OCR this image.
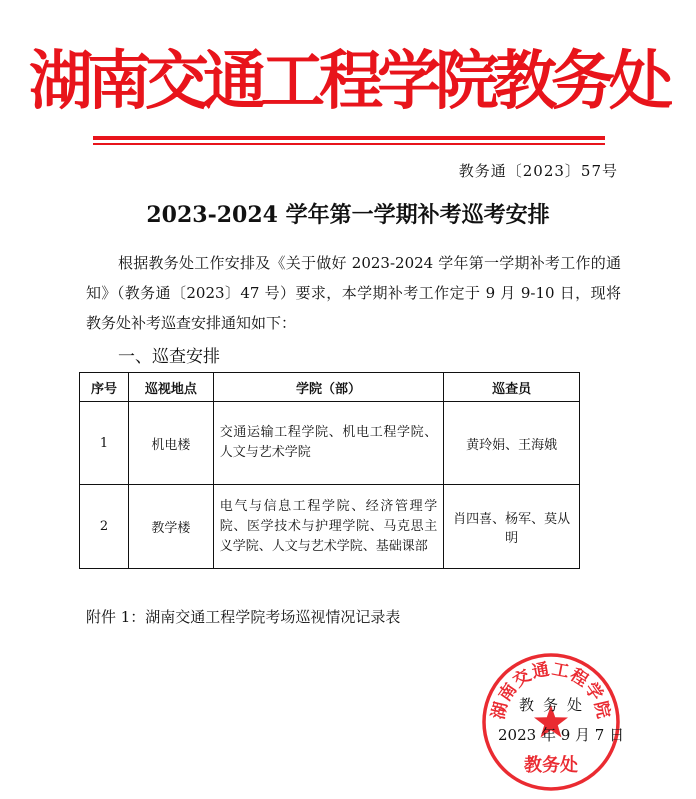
湖南交通工程学院教务处
教务通〔2023〕57号
2023-2024 学年第一学期补考巡考安排
根据教务处工作安排及《关于做好 2023-2024 学年第一学期补考工作的通知》（教务通〔2023〕47 号）要求，本学期补考工作定于 9 月 9-10 日，现将教务处补考巡查安排通知如下：
一、巡查安排
序号	巡视地点	学院（部）	巡查员
1	机电楼	交通运输工程学院、机电工程学院、人文与艺术学院	黄玲娟、王海娥
2	教学楼	电气与信息工程学院、经济管理学院、医学技术与护理学院、马克思主义学院、人文与艺术学院、基础课部	肖四喜、杨军、莫从明
附件 1：湖南交通工程学院考场巡视情况记录表
湖南交通工程学院
教务处
教务处
2023 年 9 月 7 日
